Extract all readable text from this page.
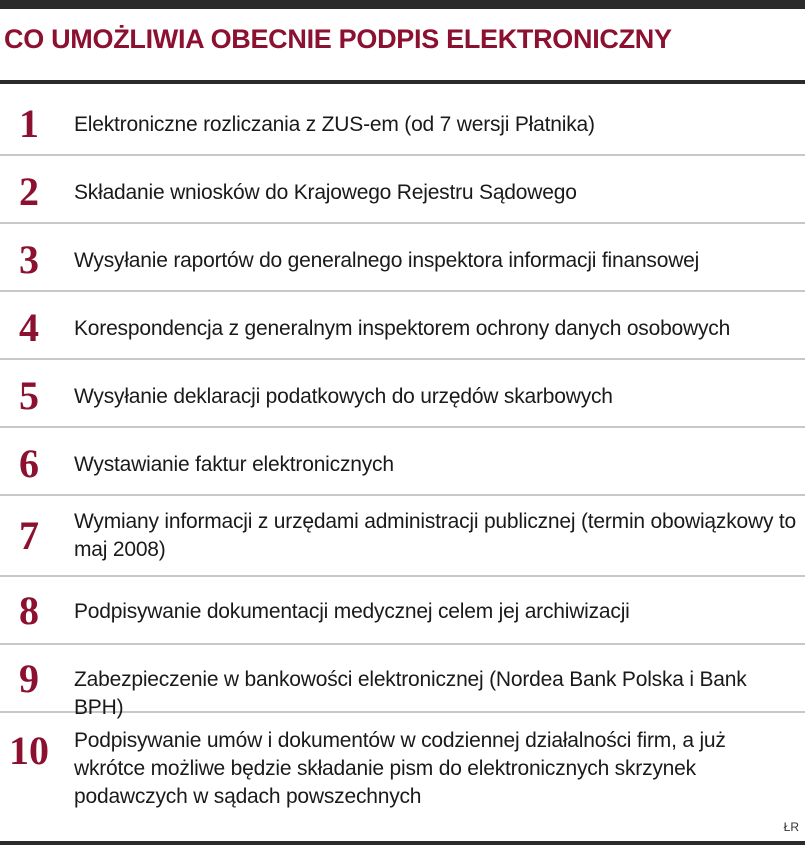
CO UMOŻLIWIA OBECNIE PODPIS ELEKTRONICZNY
1	Elektroniczne rozliczania z ZUS-em (od 7 wersji Płatnika)
2	Składanie wniosków do Krajowego Rejestru Sądowego
3	Wysyłanie raportów do generalnego inspektora informacji finansowej
4	Korespondencja z generalnym inspektorem ochrony danych osobowych
5	Wysyłanie deklaracji podatkowych do urzędów skarbowych
6	Wystawianie faktur elektronicznych
7	Wymiany informacji z urzędami administracji publicznej (termin obowiązkowy to maj 2008)
8	Podpisywanie dokumentacji medycznej celem jej archiwizacji
9	Zabezpieczenie w bankowości elektronicznej (Nordea Bank Polska i Bank BPH)
10	Podpisywanie umów i dokumentów w codziennej działalności firm, a już wkrótce możliwe będzie składanie pism do elektronicznych skrzynek podawczych w sądach powszechnych
ŁR
